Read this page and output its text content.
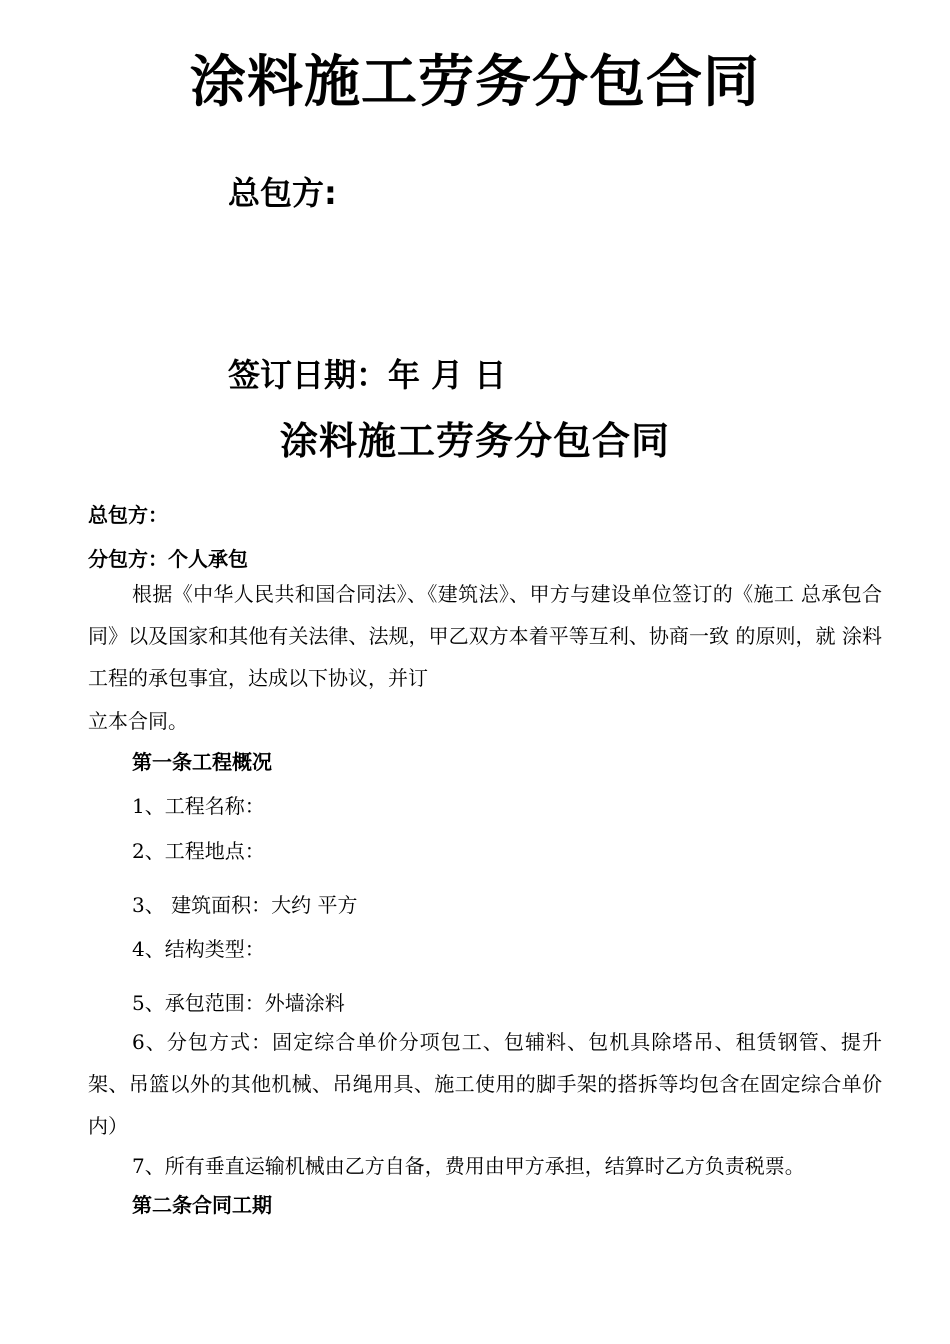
涂料施工劳务分包合同
总包方:
签订日期：年 月 日
涂料施工劳务分包合同
总包方：
分包方：个人承包
根据《中华人民共和国合同法》、《建筑法》、甲方与建设单位签订的《施工 总承包合同》以及国家和其他有关法律、法规，甲乙双方本着平等互利、协商一致 的原则，就 涂料工程的承包事宜，达成以下协议，并订
立本合同。
第一条工程概况
1、工程名称：
2、工程地点：
3、 建筑面积：大约 平方
4、结构类型：
5、承包范围：外墙涂料
6、分包方式：固定综合单价分项包工、包辅料、包机具除塔吊、租赁钢管、提升架、吊篮以外的其他机械、吊绳用具、施工使用的脚手架的搭拆等均包含在固定综合单价内）
7、所有垂直运输机械由乙方自备，费用由甲方承担，结算时乙方负责税票。
第二条合同工期
